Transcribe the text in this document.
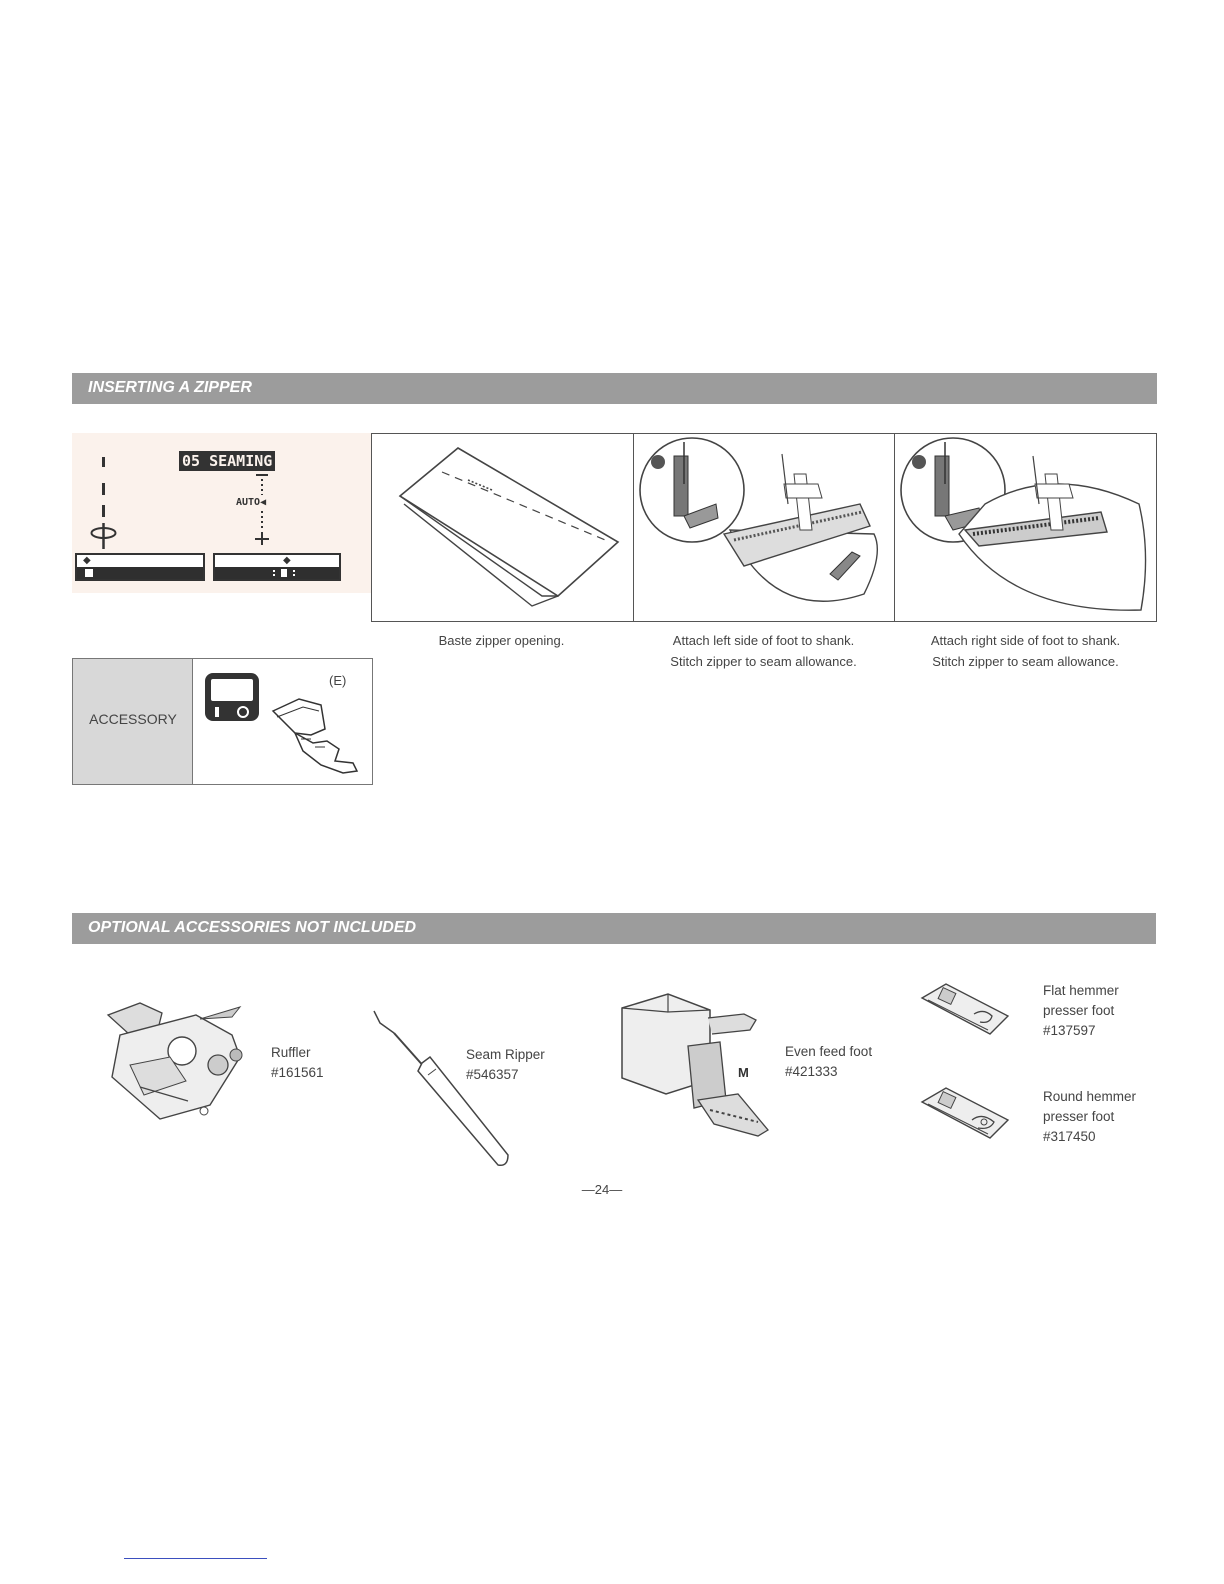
INSERTING A ZIPPER
05 SEAMING
AUTO◀
◆	◆
ACCESSORY
(E)
Baste zipper opening.	Attach left side of foot to shank.
Stitch zipper to seam allowance.
Attach right side of foot to shank.
Stitch zipper to seam allowance.
OPTIONAL ACCESSORIES NOT INCLUDED
Ruffler
#161561
Seam Ripper
#546357	M
Even feed foot
#421333
Flat hemmer
presser foot
#137597
Round hemmer
presser foot
#317450
—24—
